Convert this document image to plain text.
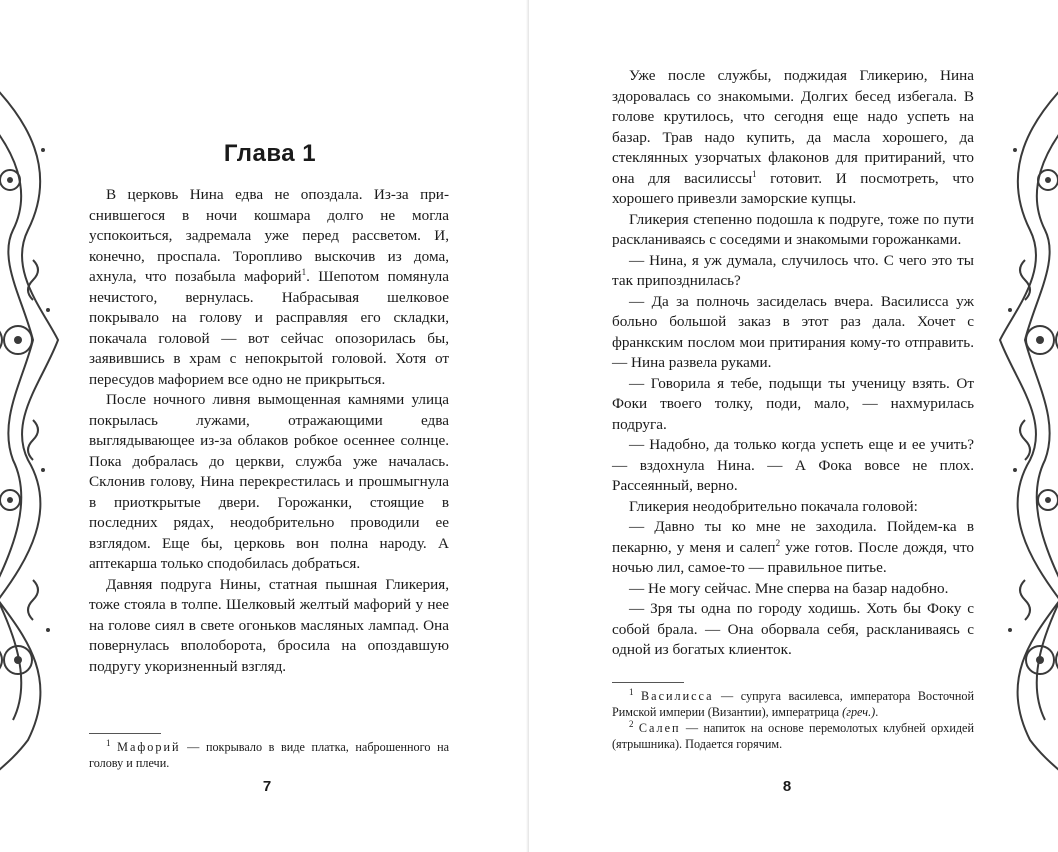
Глава 1

В церковь Нина едва не опоздала. Из-за приснившегося в ночи кошмара долго не могла успокоиться, задремала уже перед рассветом. И, конечно, проспала. Торопливо выскочив из дома, ахнула, что позабыла мафорий$^1$. Шепотом помянула нечистого, вернулась. Набрасывая шелковое покрывало на голову и расправляя его складки, покачала головой — вот сейчас опозорилась бы, заявившись в храм с непокрытой головой. Хотя от пересудов мафорием все одно не прикрыться.

После ночного ливня вымощенная камнями улица покрылась лужами, отражающими едва выглядывающее из-за облаков робкое осеннее солнце. Пока добралась до церкви, служба уже началась. Склонив голову, Нина перекрестилась и прошмыгнула в приоткрытые двери. Горожанки, стоящие в последних рядах, неодобрительно проводили ее взглядом. Еще бы, церковь вон полна народу. А аптекарша только сподобилась добраться.

Давняя подруга Нины, статная пышная Гликерия, тоже стояла в толпе. Шелковый желтый мафорий у нее на голове сиял в свете огоньков масляных лампад. Она повернулась вполоборота, бросила на опоздавшую подругу укоризненный взгляд.

$^1$ Мафорий — покрывало в виде платка, наброшенного на голову и плечи.

7

Уже после службы, поджидая Гликерию, Нина здоровалась со знакомыми. Долгих бесед избегала. В голове крутилось, что сегодня еще надо успеть на базар. Трав надо купить, да масла хорошего, да стеклянных узорчатых флаконов для притираний, что она для василиссы$^1$ готовит. И посмотреть, что хорошего привезли заморские купцы.

Гликерия степенно подошла к подруге, тоже по пути раскланиваясь с соседями и знакомыми горожанками.

— Нина, я уж думала, случилось что. С чего это ты так припозднилась?

— Да за полночь засиделась вчера. Василисса уж больно большой заказ в этот раз дала. Хочет с франкским послом мои притирания кому-то отправить. — Нина развела руками.

— Говорила я тебе, подыщи ты ученицу взять. От Фоки твоего толку, поди, мало, — нахмурилась подруга.

— Надобно, да только когда успеть еще и ее учить? — вздохнула Нина. — А Фока вовсе не плох. Рассеянный, верно.

Гликерия неодобрительно покачала головой:

— Давно ты ко мне не заходила. Пойдем-ка в пекарню, у меня и салеп$^2$ уже готов. После дождя, что ночью лил, самое-то — правильное питье.

— Не могу сейчас. Мне сперва на базар надобно.

— Зря ты одна по городу ходишь. Хоть бы Фоку с собой брала. — Она оборвала себя, раскланиваясь с одной из богатых клиенток.

$^1$ Василисса — супруга василевса, императора Восточной Римской империи (Византии), императрица (греч.).

$^2$ Салеп — напиток на основе перемолотых клубней орхидей (ятрышника). Подается горячим.

8
